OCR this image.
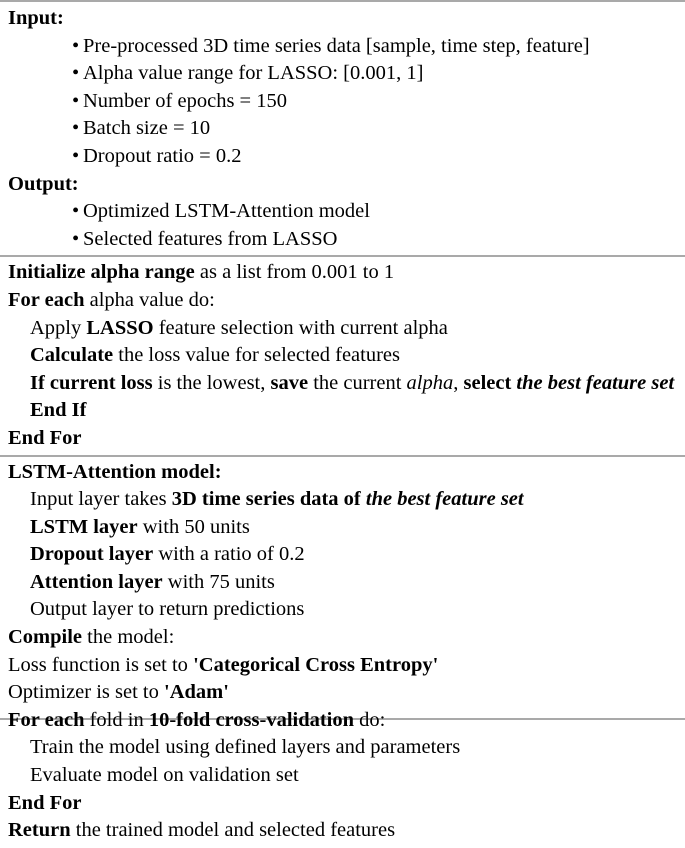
Input:
• Pre-processed 3D time series data [sample, time step, feature]
• Alpha value range for LASSO: [0.001, 1]
• Number of epochs = 150
• Batch size = 10
• Dropout ratio = 0.2
Output:
• Optimized LSTM-Attention model
• Selected features from LASSO
Initialize alpha range as a list from 0.001 to 1
For each alpha value do:
Apply LASSO feature selection with current alpha
Calculate the loss value for selected features
If current loss is the lowest, save the current alpha, select the best feature set
End If
End For
LSTM-Attention model:
Input layer takes 3D time series data of the best feature set
LSTM layer with 50 units
Dropout layer with a ratio of 0.2
Attention layer with 75 units
Output layer to return predictions
Compile the model:
Loss function is set to 'Categorical Cross Entropy'
Optimizer is set to 'Adam'
For each fold in 10-fold cross-validation do:
Train the model using defined layers and parameters
Evaluate model on validation set
End For
Return the trained model and selected features
